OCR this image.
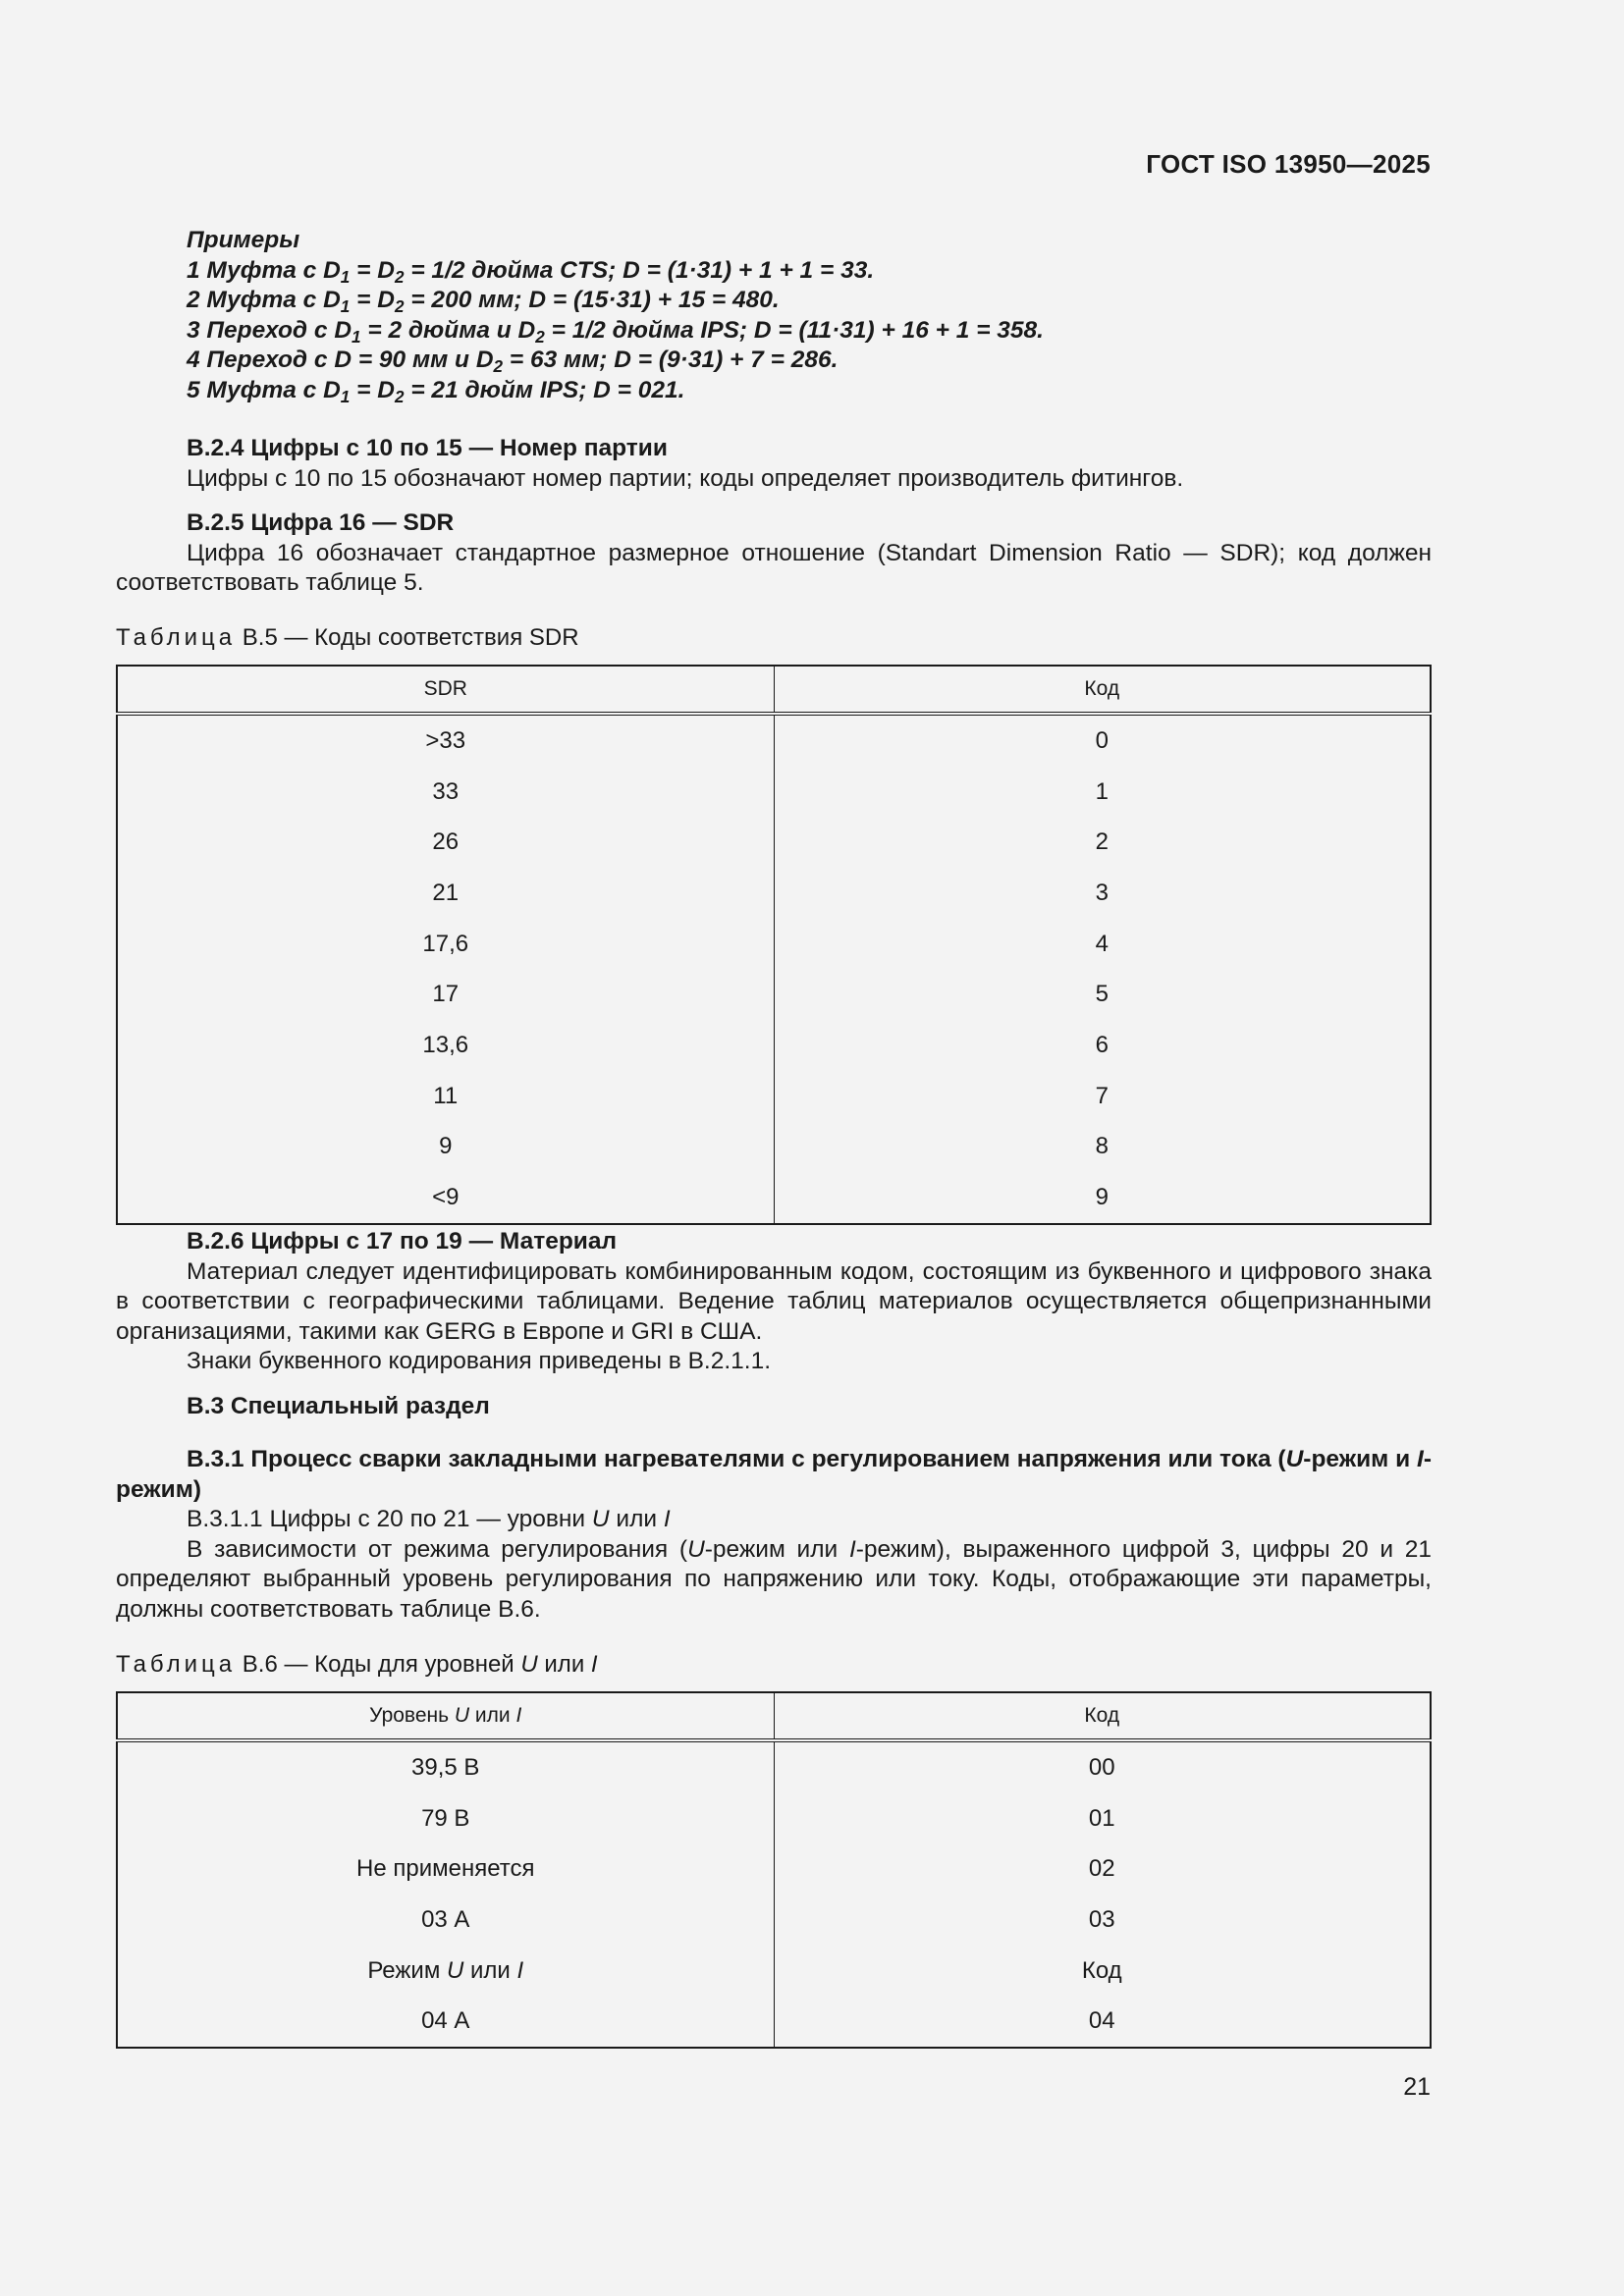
ГОСТ ISO 13950—2025
Примеры
1 Муфта с $D_1 = D_2 = 1/2$ дюйма CTS; D = (1·31) + 1 + 1 = 33.
2 Муфта с $D_1 = D_2 = 200$ мм; D = (15·31) + 15 = 480.
3 Переход с $D_1 = 2$ дюйма и $D_2 = 1/2$ дюйма IPS; D = (11·31) + 16 + 1 = 358.
4 Переход с D = 90 мм и $D_2 = 63$ мм; D = (9·31) + 7 = 286.
5 Муфта с $D_1 = D_2 = 21$ дюйм IPS; D = 021.

В.2.4 Цифры с 10 по 15 — Номер партии

Цифры с 10 по 15 обозначают номер партии; коды определяет производитель фитингов.

В.2.5 Цифра 16 — SDR

Цифра 16 обозначает стандартное размерное отношение (Standart Dimension Ratio — SDR); код должен соответствовать таблице 5.

Таблица В.5 — Коды соответствия SDR
SDR	Код
>33	0
33	1
26	2
21	3
17,6	4
17	5
13,6	6
11	7
9	8
<9	9

В.2.6 Цифры с 17 по 19 — Материал

Материал следует идентифицировать комбинированным кодом, состоящим из буквенного и цифрового знака в соответствии с географическими таблицами. Ведение таблиц материалов осуществляется общепризнанными организациями, такими как GERG в Европе и GRI в США.

Знаки буквенного кодирования приведены в В.2.1.1.

В.3 Специальный раздел

В.3.1 Процесс сварки закладными нагревателями с регулированием напряжения или тока (U-режим и I-режим)

В.3.1.1 Цифры с 20 по 21 — уровни U или I

В зависимости от режима регулирования (U-режим или I-режим), выраженного цифрой 3, цифры 20 и 21 определяют выбранный уровень регулирования по напряжению или току. Коды, отображающие эти параметры, должны соответствовать таблице В.6.

Таблица В.6 — Коды для уровней U или I
Уровень U или I	Код
39,5 В	00
79 В	01
Не применяется	02
03 А	03
Режим U или I	Код
04 А	04
21
